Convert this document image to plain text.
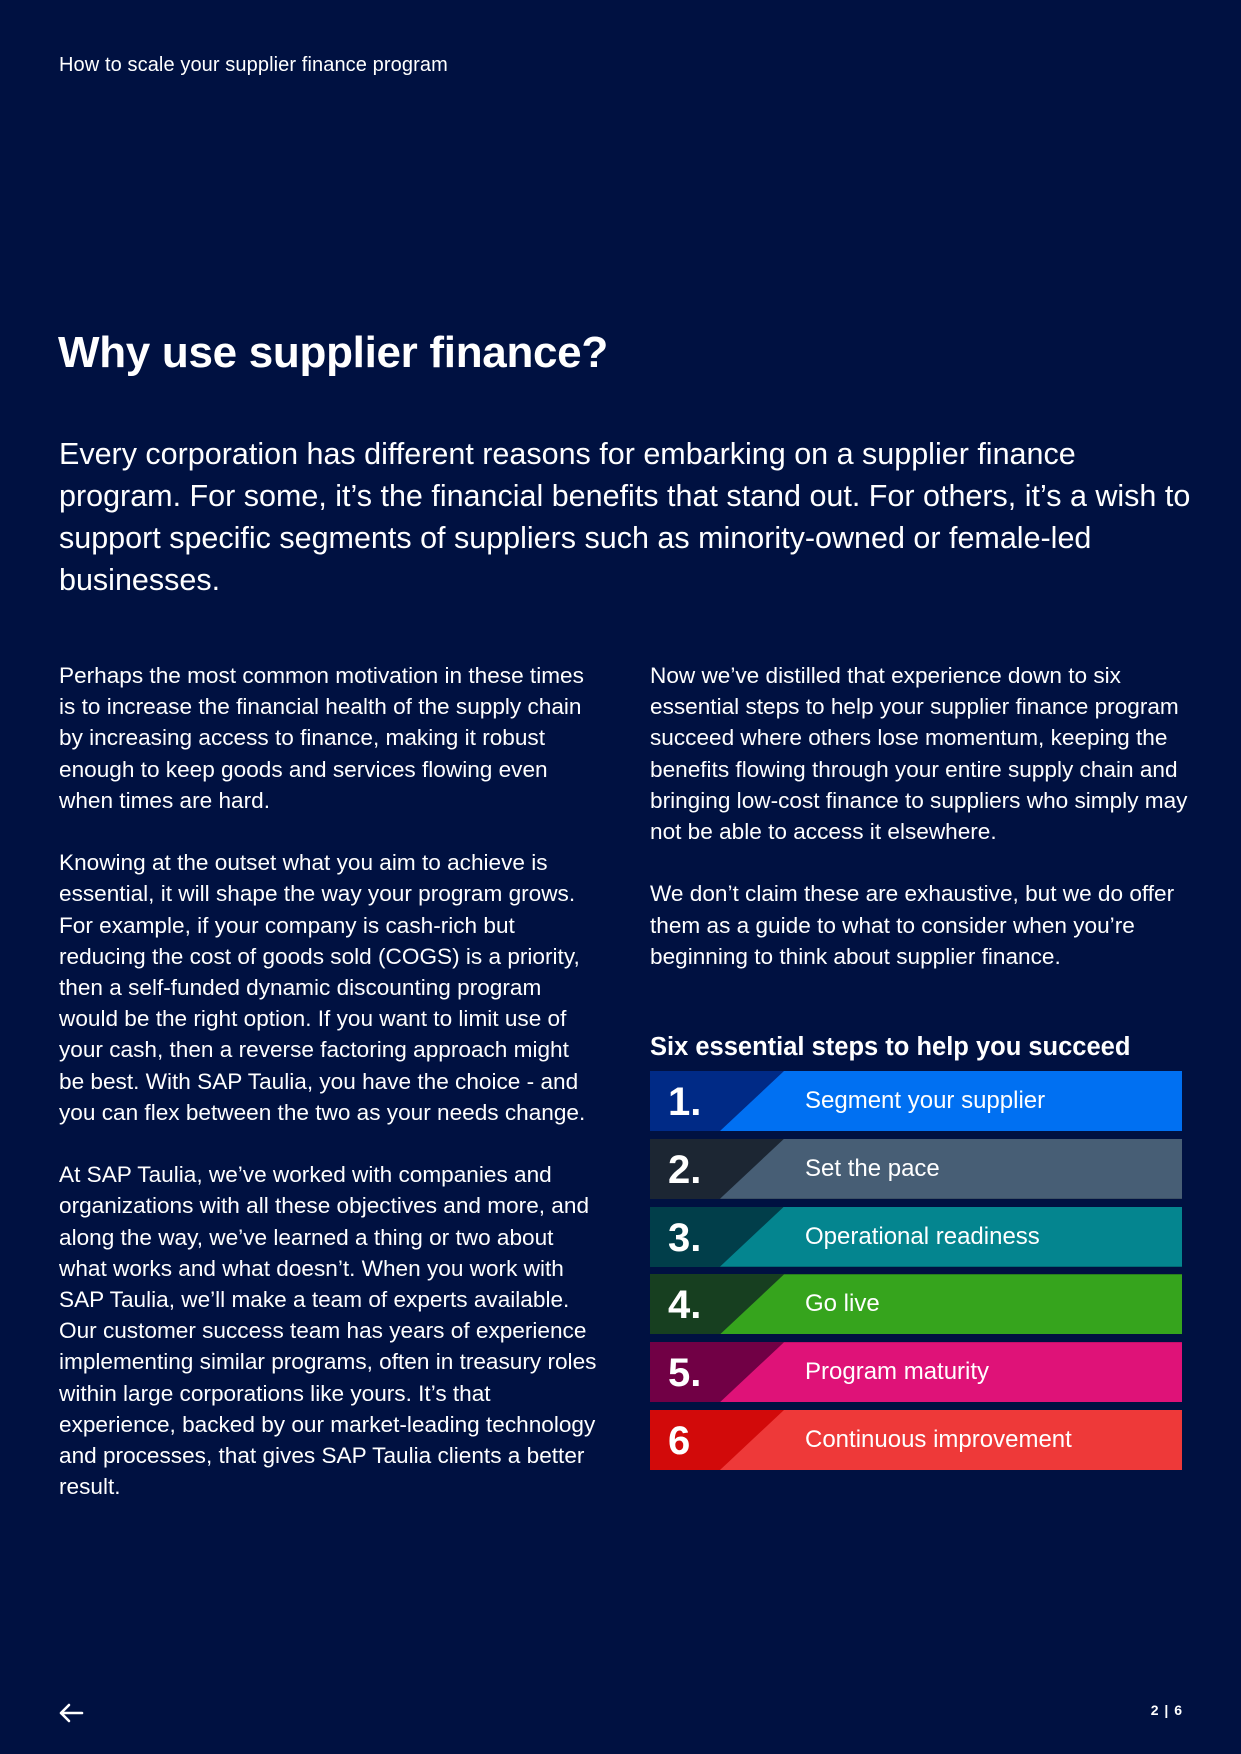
How to scale your supplier finance program
Why use supplier finance?

Every corporation has different reasons for embarking on a supplier finance program. For some, it’s the financial benefits that stand out. For others, it’s a wish to support specific segments of suppliers such as minority-owned or female-led businesses.

Perhaps the most common motivation in these times is to increase the financial health of the supply chain by increasing access to finance, making it robust enough to keep goods and services flowing even when times are hard.

Knowing at the outset what you aim to achieve is essential, it will shape the way your program grows. For example, if your company is cash-rich but reducing the cost of goods sold (COGS) is a priority, then a self-funded dynamic discounting program would be the right option. If you want to limit use of your cash, then a reverse factoring approach might be best. With SAP Taulia, you have the choice - and you can flex between the two as your needs change.

At SAP Taulia, we’ve worked with companies and organizations with all these objectives and more, and along the way, we’ve learned a thing or two about what works and what doesn’t. When you work with SAP Taulia, we’ll make a team of experts available. Our customer success team has years of experience implementing similar programs, often in treasury roles within large corporations like yours. It’s that experience, backed by our market-leading technology and processes, that gives SAP Taulia clients a better result.

Now we’ve distilled that experience down to six essential steps to help your supplier finance program succeed where others lose momentum, keeping the benefits flowing through your entire supply chain and bringing low-cost finance to suppliers who simply may not be able to access it elsewhere.

We don’t claim these are exhaustive, but we do offer them as a guide to what to consider when you’re beginning to think about supplier finance.

Six essential steps to help you succeed
1.	Segment your supplier
2.	Set the pace
3.	Operational readiness
4.	Go live
5.	Program maturity
6	Continuous improvement
2 | 6
